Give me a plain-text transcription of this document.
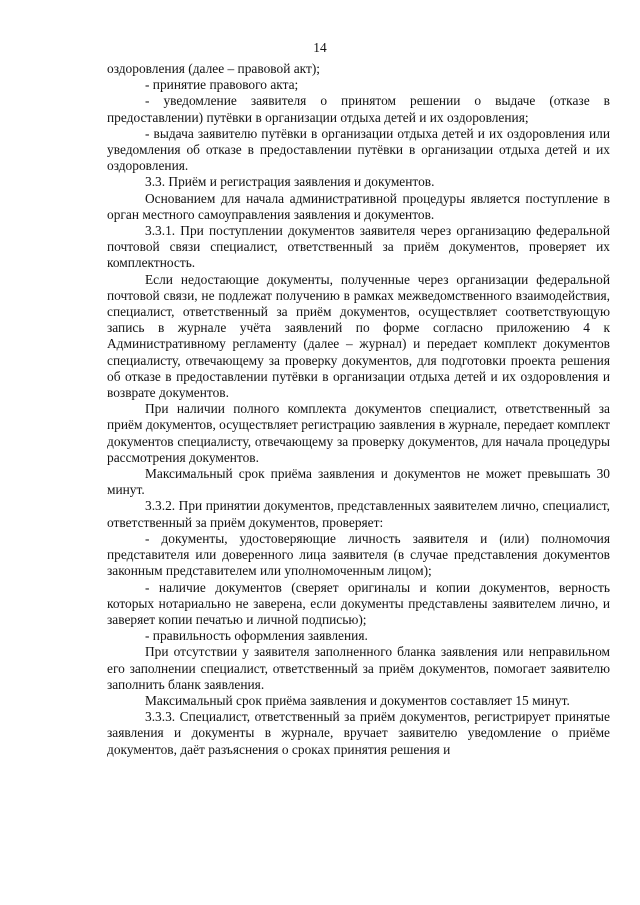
14

оздоровления (далее – правовой акт);

- принятие правового акта;

- уведомление заявителя о принятом решении о выдаче (отказе в предоставлении) путёвки в организации отдыха детей и их оздоровления;

- выдача заявителю путёвки в организации отдыха детей и их оздоровления или уведомления об отказе в предоставлении путёвки в организации отдыха детей и их оздоровления.

3.3. Приём и регистрация заявления и документов.

Основанием для начала административной процедуры является поступление в орган местного самоуправления заявления и документов.

3.3.1. При поступлении документов заявителя через организацию федеральной почтовой связи специалист, ответственный за приём документов, проверяет их комплектность.

Если недостающие документы, полученные через организации федеральной почтовой связи, не подлежат получению в рамках межведомственного взаимодействия, специалист, ответственный за приём документов, осуществляет соответствующую запись в журнале учёта заявлений по форме согласно приложению 4 к Административному регламенту (далее – журнал) и передает комплект документов специалисту, отвечающему за проверку документов, для подготовки проекта решения об отказе в предоставлении путёвки в организации отдыха детей и их оздоровления и возврате документов.

При наличии полного комплекта документов специалист, ответственный за приём документов, осуществляет регистрацию заявления в журнале, передает комплект документов специалисту, отвечающему за проверку документов, для начала процедуры рассмотрения документов.

Максимальный срок приёма заявления и документов не может превышать 30 минут.

3.3.2. При принятии документов, представленных заявителем лично, специалист, ответственный за приём документов, проверяет:

- документы, удостоверяющие личность заявителя и (или) полномочия представителя или доверенного лица заявителя (в случае представления документов законным представителем или уполномоченным лицом);

- наличие документов (сверяет оригиналы и копии документов, верность которых нотариально не заверена, если документы представлены заявителем лично, и заверяет копии печатью и личной подписью);

- правильность оформления заявления.

При отсутствии у заявителя заполненного бланка заявления или неправильном его заполнении специалист, ответственный за приём документов, помогает заявителю заполнить бланк заявления.

Максимальный срок приёма заявления и документов составляет 15 минут.

3.3.3. Специалист, ответственный за приём документов, регистрирует принятые заявления и документы в журнале, вручает заявителю уведомление о приёме документов, даёт разъяснения о сроках принятия решения и
